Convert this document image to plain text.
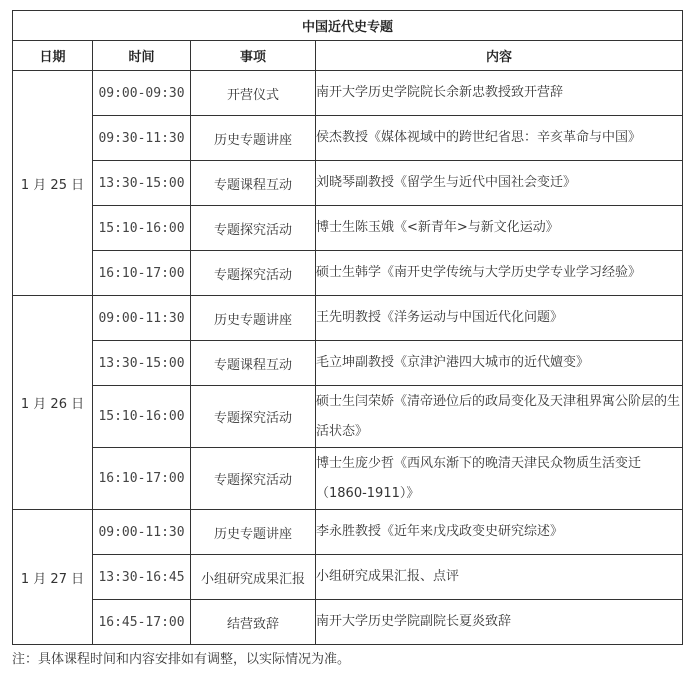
中国近代史专题			
日期	时间	事项	内容
1 月 25 日	09:00-09:30	开营仪式	南开大学历史学院院长余新忠教授致开营辞
	09:30-11:30	历史专题讲座	侯杰教授《媒体视域中的跨世纪省思：辛亥革命与中国》
	13:30-15:00	专题课程互动	刘晓琴副教授《留学生与近代中国社会变迁》
	15:10-16:00	专题探究活动	博士生陈玉娥《<新青年>与新文化运动》
	16:10-17:00	专题探究活动	硕士生韩学《南开史学传统与大学历史学专业学习经验》
1 月 26 日	09:00-11:30	历史专题讲座	王先明教授《洋务运动与中国近代化问题》
	13:30-15:00	专题课程互动	毛立坤副教授《京津沪港四大城市的近代嬗变》
	15:10-16:00	专题探究活动	硕士生闫荣娇《清帝逊位后的政局变化及天津租界寓公阶层的生活状态》
	16:10-17:00	专题探究活动	博士生庞少哲《西风东渐下的晚清天津民众物质生活变迁（1860-1911）》
1 月 27 日	09:00-11:30	历史专题讲座	李永胜教授《近年来戊戌政变史研究综述》
	13:30-16:45	小组研究成果汇报	小组研究成果汇报、点评
	16:45-17:00	结营致辞	南开大学历史学院副院长夏炎致辞
注：具体课程时间和内容安排如有调整，以实际情况为准。
